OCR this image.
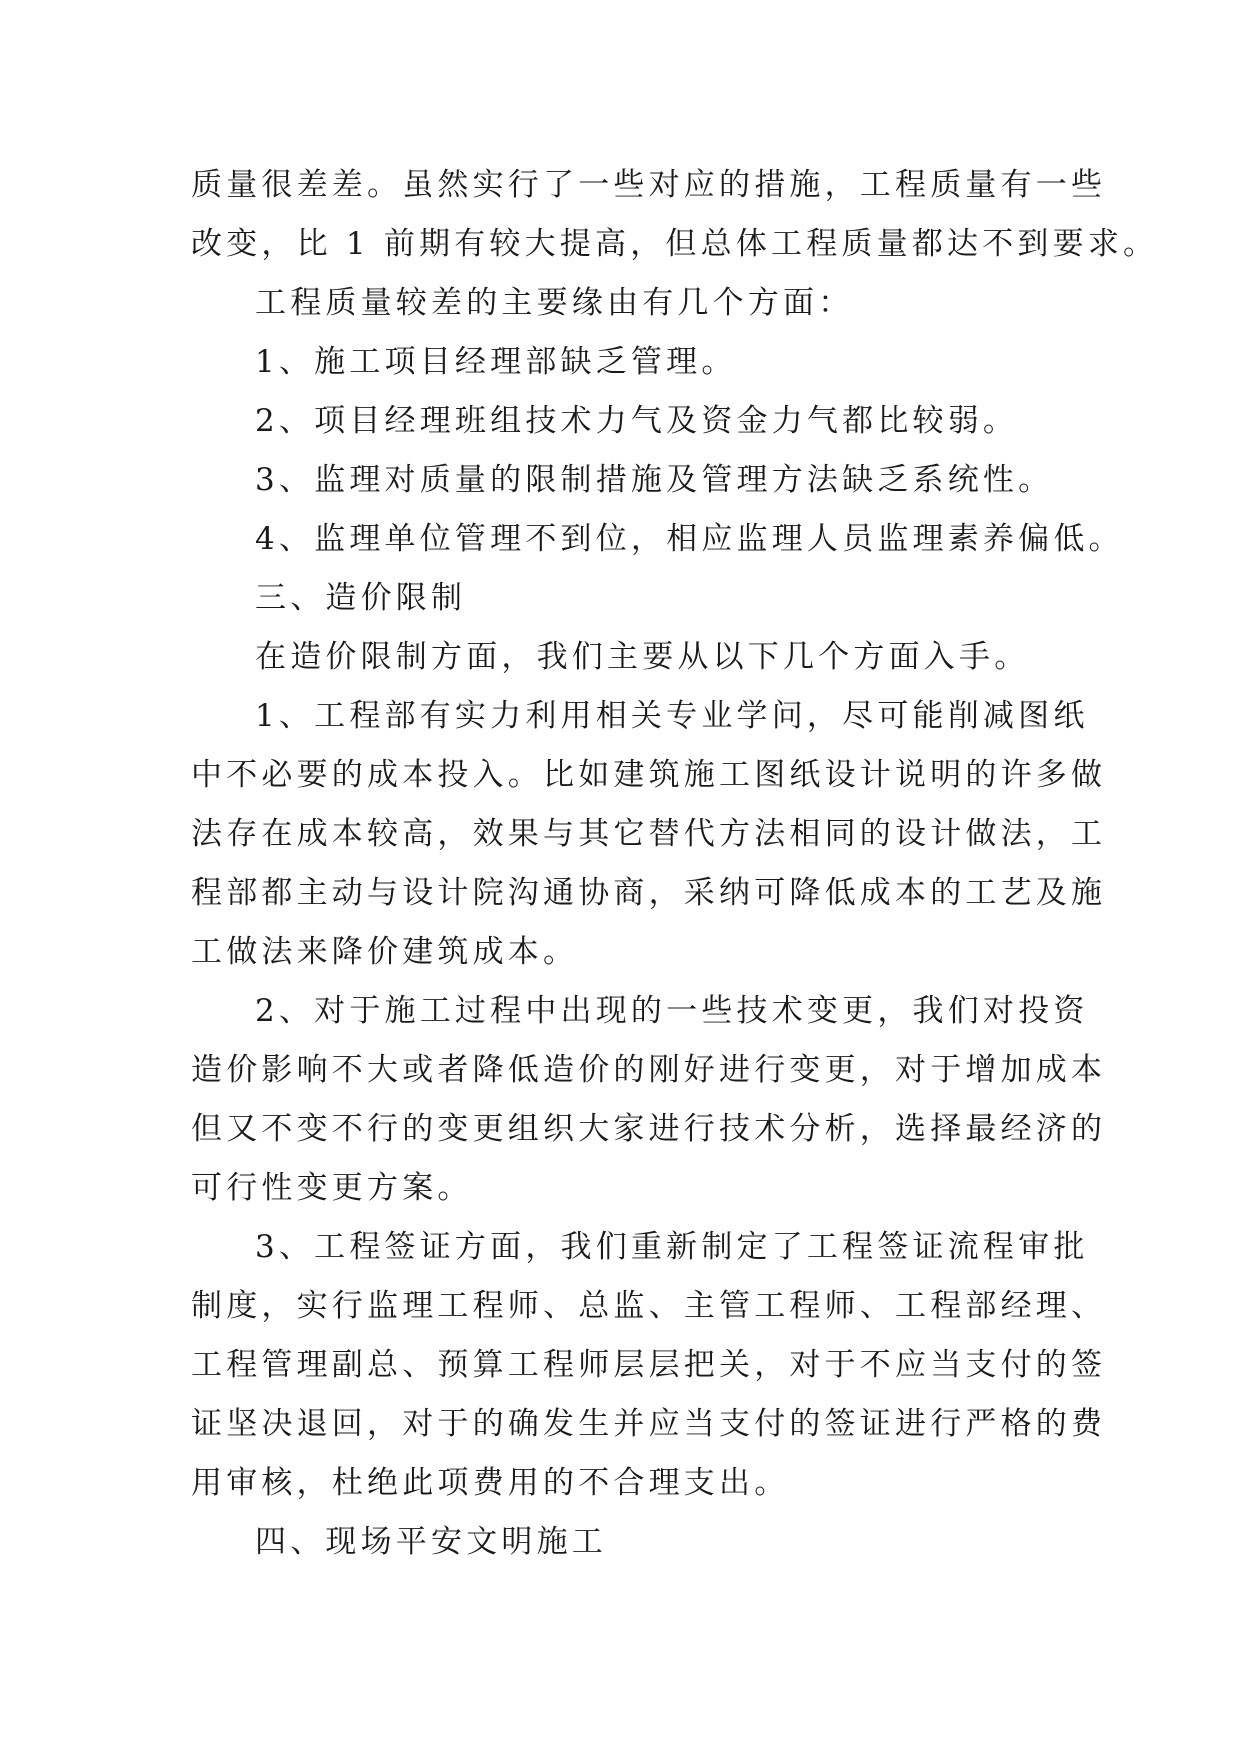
质量很差差。虽然实行了一些对应的措施，工程质量有一些
改变，比 1 前期有较大提高，但总体工程质量都达不到要求。
工程质量较差的主要缘由有几个方面：
1、施工项目经理部缺乏管理。
2、项目经理班组技术力气及资金力气都比较弱。
3、监理对质量的限制措施及管理方法缺乏系统性。
4、监理单位管理不到位，相应监理人员监理素养偏低。
三、造价限制
在造价限制方面，我们主要从以下几个方面入手。
1、工程部有实力利用相关专业学问，尽可能削减图纸
中不必要的成本投入。比如建筑施工图纸设计说明的许多做
法存在成本较高，效果与其它替代方法相同的设计做法，工
程部都主动与设计院沟通协商，采纳可降低成本的工艺及施
工做法来降价建筑成本。
2、对于施工过程中出现的一些技术变更，我们对投资
造价影响不大或者降低造价的刚好进行变更，对于增加成本
但又不变不行的变更组织大家进行技术分析，选择最经济的
可行性变更方案。
3、工程签证方面，我们重新制定了工程签证流程审批
制度，实行监理工程师、总监、主管工程师、工程部经理、
工程管理副总、预算工程师层层把关，对于不应当支付的签
证坚决退回，对于的确发生并应当支付的签证进行严格的费
用审核，杜绝此项费用的不合理支出。
四、现场平安文明施工
